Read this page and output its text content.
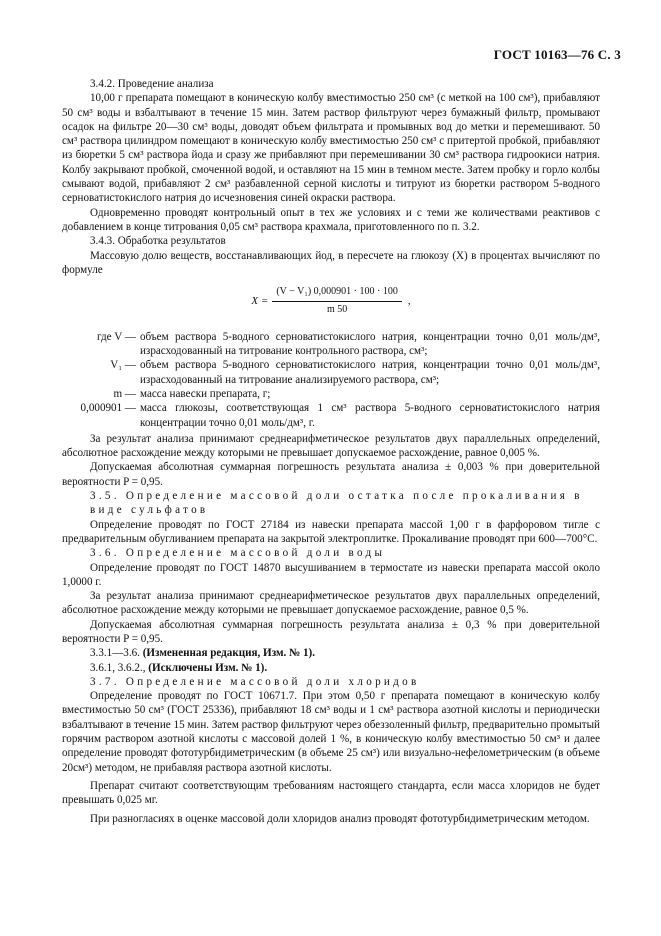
ГОСТ 10163—76 С. 3
3.4.2. Проведение анализа

10,00 г препарата помещают в коническую колбу вместимостью 250 см³ (с меткой на 100 см³), прибавляют 50 см³ воды и взбалтывают в течение 15 мин. Затем раствор фильтруют через бумажный фильтр, промывают осадок на фильтре 20—30 см³ воды, доводят объем фильтрата и промывных вод до метки и перемешивают. 50 см³ раствора цилиндром помещают в коническую колбу вместимостью 250 см³ с притертой пробкой, прибавляют из бюретки 5 см³ раствора йода и сразу же прибавляют при перемешивании 30 см³ раствора гидроокиси натрия. Колбу закрывают пробкой, смоченной водой, и оставляют на 15 мин в темном месте. Затем пробку и горло колбы смывают водой, прибавляют 2 см³ разбавленной серной кислоты и титруют из бюретки раствором 5-водного серноватистокислого натрия до исчезновения синей окраски раствора.

Одновременно проводят контрольный опыт в тех же условиях и с теми же количествами реактивов с добавлением в конце титрования 0,05 см³ раствора крахмала, приготовленного по п. 3.2.

3.4.3. Обработка результатов

Массовую долю веществ, восстанавливающих йод, в пересчете на глюкозу (X) в процентах вычисляют по формуле

$X = \frac{\text{(V − V₁) 0,000901 · 100 · 100}}{m 50}$ ,
где V — объем раствора 5-водного серноватистокислого натрия, концентрации точно 0,01 моль/дм³, израсходованный на титрование контрольного раствора, см³;
V₁ — объем раствора 5-водного серноватистокислого натрия, концентрации точно 0,01 моль/дм³, израсходованный на титрование анализируемого раствора, см³;
m — масса навески препарата, г;
0,000901 — масса глюкозы, соответствующая 1 см³ раствора 5-водного серноватистокислого натрия концентрации точно 0,01 моль/дм³, г.

За результат анализа принимают среднеарифметическое результатов двух параллельных определений, абсолютное расхождение между которыми не превышает допускаемое расхождение, равное 0,005 %.

Допускаемая абсолютная суммарная погрешность результата анализа ± 0,003 % при доверительной вероятности P = 0,95.

3.5. Определение массовой доли остатка после прокаливания в виде сульфатов

Определение проводят по ГОСТ 27184 из навески препарата массой 1,00 г в фарфоровом тигле с предварительным обугливанием препарата на закрытой электроплитке. Прокаливание проводят при 600—700°С.

3.6. Определение массовой доли воды

Определение проводят по ГОСТ 14870 высушиванием в термостате из навески препарата массой около 1,0000 г.

За результат анализа принимают среднеарифметическое результатов двух параллельных определений, абсолютное расхождение между которыми не превышает допускаемое расхождение, равное 0,5 %.

Допускаемая абсолютная суммарная погрешность результата анализа ± 0,3 % при доверительной вероятности P = 0,95.

3.3.1—3.6. (Измененная редакция, Изм. № 1).
3.6.1, 3.6.2., (Исключены Изм. № 1).
3.7. Определение массовой доли хлоридов

Определение проводят по ГОСТ 10671.7. При этом 0,50 г препарата помещают в коническую колбу вместимостью 50 см³ (ГОСТ 25336), прибавляют 18 см³ воды и 1 см³ раствора азотной кислоты и периодически взбалтывают в течение 15 мин. Затем раствор фильтруют через обеззоленный фильтр, предварительно промытый горячим раствором азотной кислоты с массовой долей 1 %, в коническую колбу вместимостью 50 см³ и далее определение проводят фототурбидиметрическим (в объеме 25 см³) или визуально-нефелометрическим (в объеме 20см³) методом, не прибавляя раствора азотной кислоты.

Препарат считают соответствующим требованиям настоящего стандарта, если масса хлоридов не будет превышать 0,025 мг.

При разногласиях в оценке массовой доли хлоридов анализ проводят фототурбидиметрическим методом.
